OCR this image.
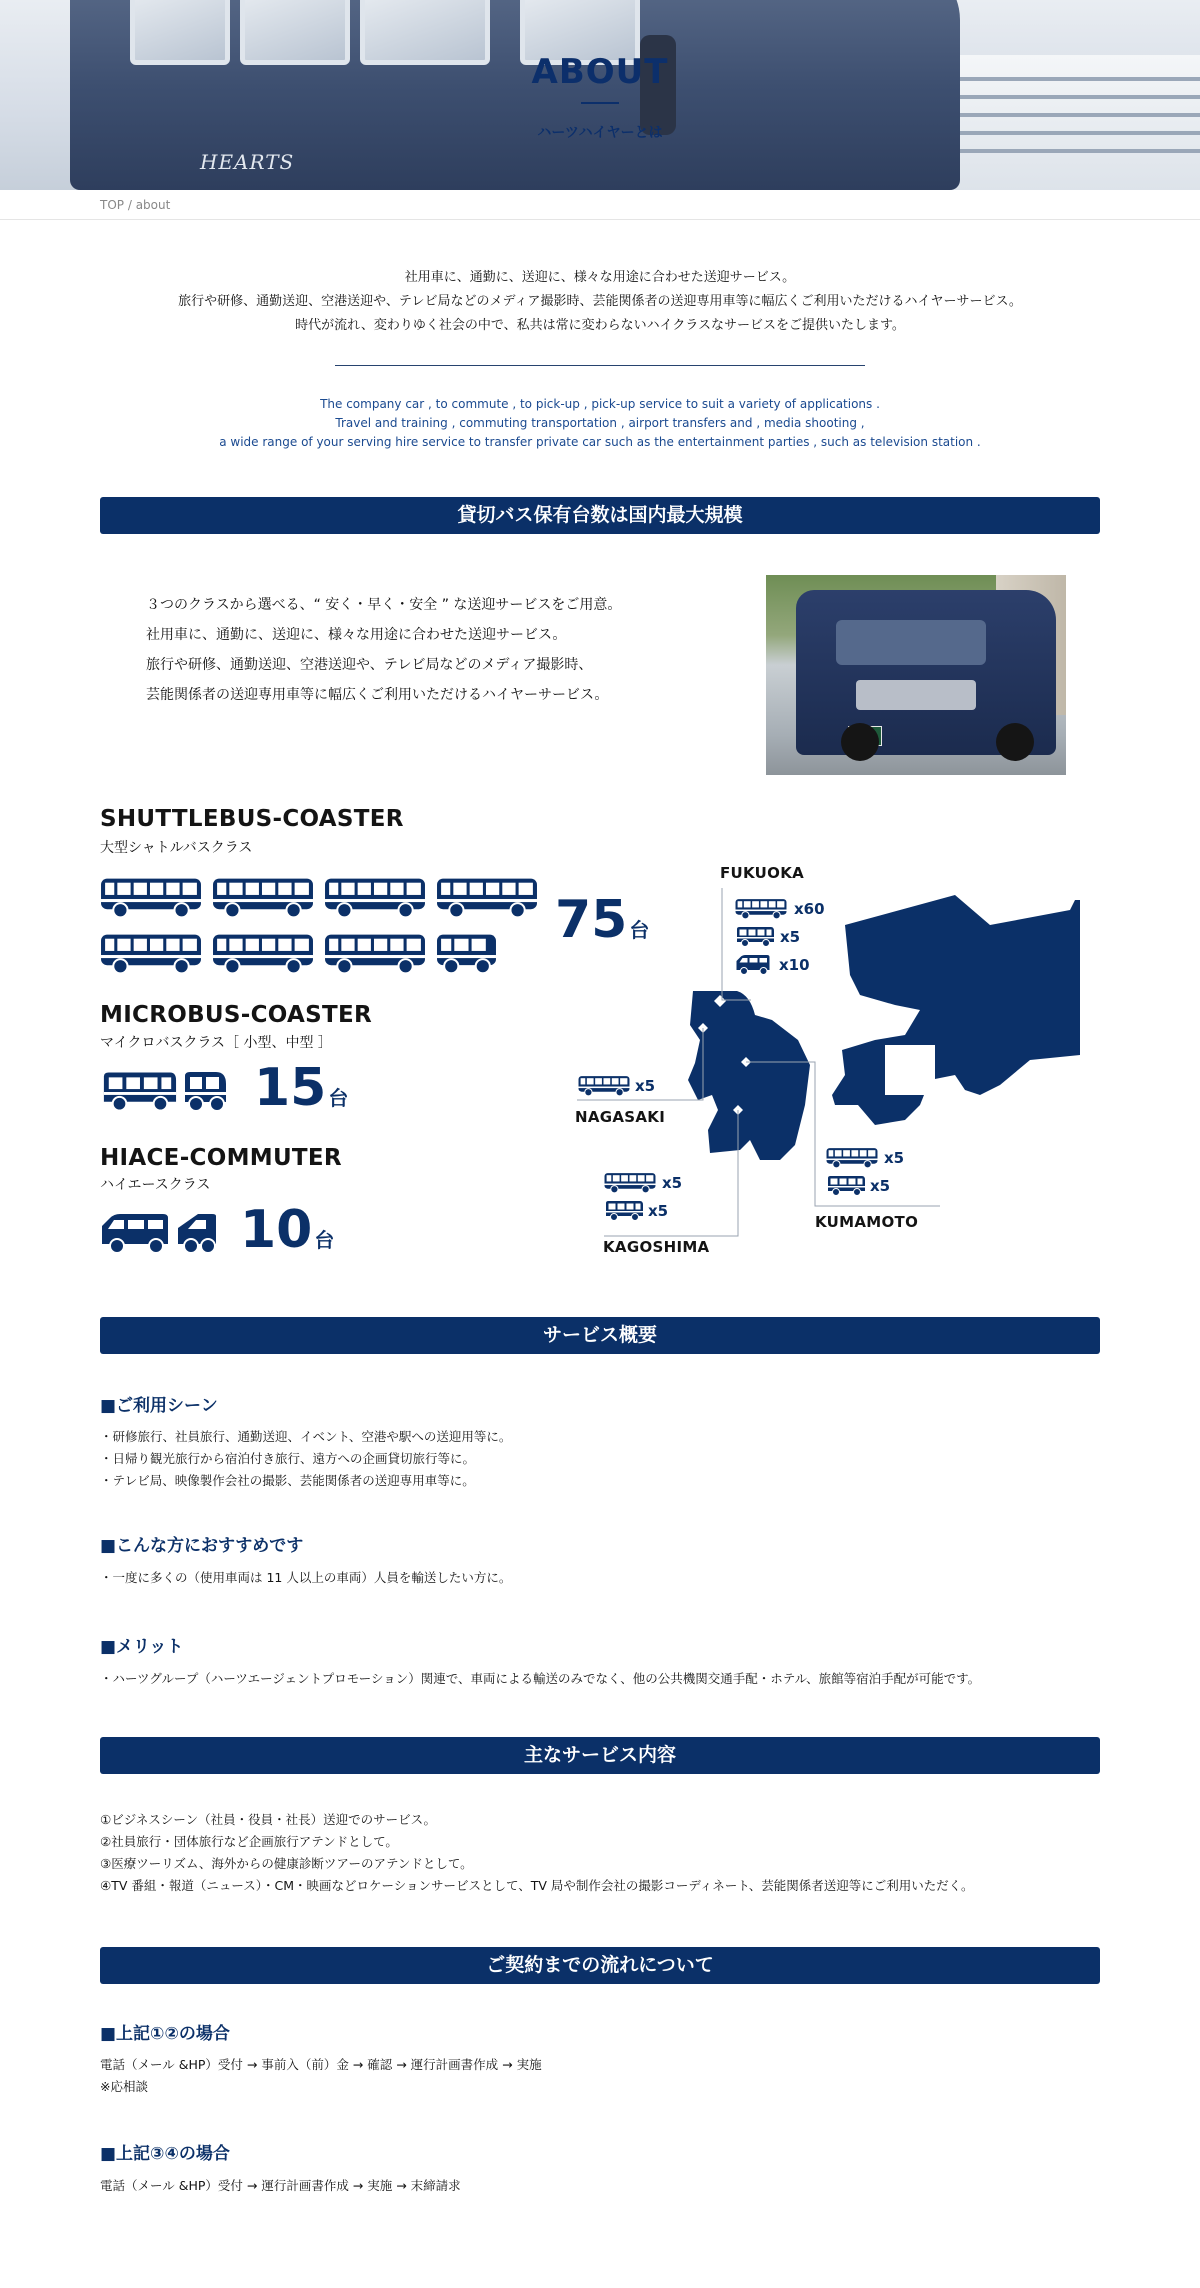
HEARTS
ABOUT
ハーツハイヤーとは
TOP / about
社用車に、通勤に、送迎に、様々な用途に合わせた送迎サービス。
旅行や研修、通勤送迎、空港送迎や、テレビ局などのメディア撮影時、芸能関係者の送迎専用車等に幅広くご利用いただけるハイヤーサービス。
時代が流れ、変わりゆく社会の中で、私共は常に変わらないハイクラスなサービスをご提供いたします。
The company car , to commute , to pick-up , pick-up service to suit a variety of applications .
Travel and training , commuting transportation , airport transfers and , media shooting ,
a wide range of your serving hire service to transfer private car such as the entertainment parties , such as television station .
貸切バス保有台数は国内最大規模
３つのクラスから選べる、“ 安く・早く・安全 ” な送迎サービスをご用意。
社用車に、通勤に、送迎に、様々な用途に合わせた送迎サービス。
旅行や研修、通勤送迎、空港送迎や、テレビ局などのメディア撮影時、
芸能関係者の送迎専用車等に幅広くご利用いただけるハイヤーサービス。
SHUTTLEBUS-COASTER
大型シャトルバスクラス
75 台
MICROBUS-COASTER
マイクロバスクラス［ 小型、中型 ］
15 台
HIACE-COMMUTER
ハイエースクラス
10 台
FUKUOKA
x60
x5
x10
x5
NAGASAKI
x5
x5
KAGOSHIMA
x5
x5
KUMAMOTO
サービス概要
■ご利用シーン
・研修旅行、社員旅行、通勤送迎、イベント、空港や駅への送迎用等に。
・日帰り観光旅行から宿泊付き旅行、遠方への企画貸切旅行等に。
・テレビ局、映像製作会社の撮影、芸能関係者の送迎専用車等に。
■こんな方におすすめです
・一度に多くの（使用車両は 11 人以上の車両）人員を輸送したい方に。
■メリット
・ハーツグループ（ハーツエージェントプロモーション）関連で、車両による輸送のみでなく、他の公共機関交通手配・ホテル、旅館等宿泊手配が可能です。
主なサービス内容
①ビジネスシーン（社員・役員・社長）送迎でのサービス。
②社員旅行・団体旅行など企画旅行アテンドとして。
③医療ツーリズム、海外からの健康診断ツアーのアテンドとして。
④TV 番組・報道（ニュース）・CM・映画などロケーションサービスとして、TV 局や制作会社の撮影コーディネート、芸能関係者送迎等にご利用いただく。
ご契約までの流れについて
■上記①②の場合
電話（メール &HP）受付 → 事前入（前）金 → 確認 → 運行計画書作成 → 実施
※応相談
■上記③④の場合
電話（メール &HP）受付 → 運行計画書作成 → 実施 → 末締請求
